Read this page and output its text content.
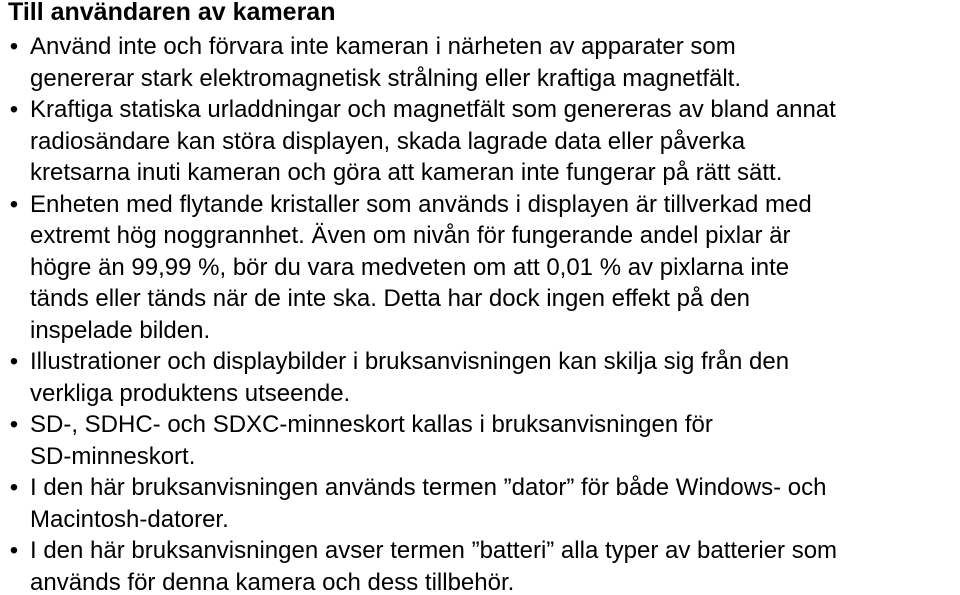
Till användaren av kameran
• Använd inte och förvara inte kameran i närheten av apparater som
genererar stark elektromagnetisk strålning eller kraftiga magnetfält.
• Kraftiga statiska urladdningar och magnetfält som genereras av bland annat
radiosändare kan störa displayen, skada lagrade data eller påverka
kretsarna inuti kameran och göra att kameran inte fungerar på rätt sätt.
• Enheten med flytande kristaller som används i displayen är tillverkad med
extremt hög noggrannhet. Även om nivån för fungerande andel pixlar är
högre än 99,99 %, bör du vara medveten om att 0,01 % av pixlarna inte
tänds eller tänds när de inte ska. Detta har dock ingen effekt på den
inspelade bilden.
• Illustrationer och displaybilder i bruksanvisningen kan skilja sig från den
verkliga produktens utseende.
• SD-, SDHC- och SDXC-minneskort kallas i bruksanvisningen för
SD-minneskort.
• I den här bruksanvisningen används termen ”dator” för både Windows- och
Macintosh-datorer.
• I den här bruksanvisningen avser termen ”batteri” alla typer av batterier som
används för denna kamera och dess tillbehör.
